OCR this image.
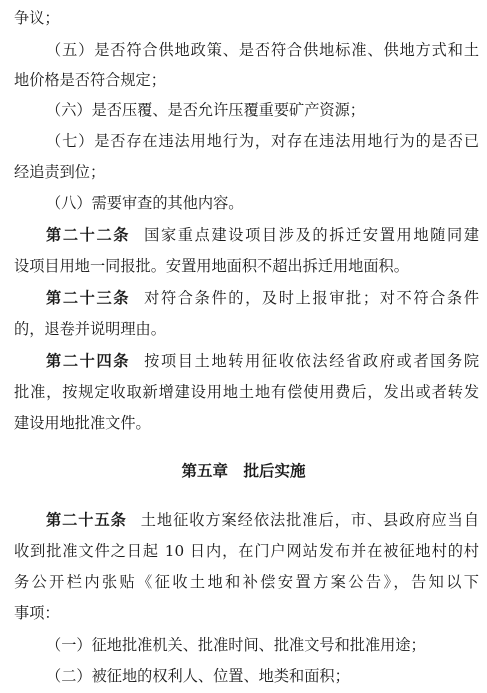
争议；
（五）是否符合供地政策、是否符合供地标准、供地方式和土
地价格是否符合规定；
（六）是否压覆、是否允许压覆重要矿产资源；
（七）是否存在违法用地行为，对存在违法用地行为的是否已
经追责到位；
（八）需要审查的其他内容。
第二十二条 国家重点建设项目涉及的拆迁安置用地随同建
设项目用地一同报批。安置用地面积不超出拆迁用地面积。
第二十三条 对符合条件的，及时上报审批；对不符合条件
的，退卷并说明理由。
第二十四条 按项目土地转用征收依法经省政府或者国务院
批准，按规定收取新增建设用地土地有偿使用费后，发出或者转发
建设用地批准文件。
第五章　批后实施
第二十五条 土地征收方案经依法批准后，市、县政府应当自
收到批准文件之日起 10 日内，在门户网站发布并在被征地村的村
务公开栏内张贴《征收土地和补偿安置方案公告》，告知以下
事项：
（一）征地批准机关、批准时间、批准文号和批准用途；
（二）被征地的权利人、位置、地类和面积；
